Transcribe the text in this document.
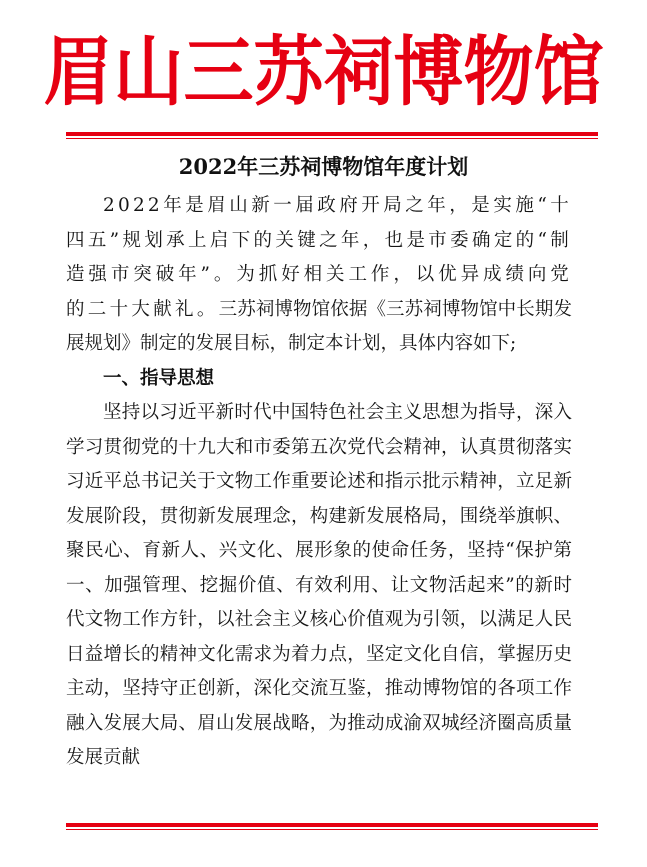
眉山三苏祠博物馆
2022年三苏祠博物馆年度计划

2022年是眉山新一届政府开局之年，是实施“十四五”规划承上启下的关键之年，也是市委确定的“制造强市突破年”。为抓好相关工作，以优异成绩向党的二十大献礼。三苏祠博物馆依据《三苏祠博物馆中长期发展规划》制定的发展目标，制定本计划，具体内容如下;

一、指导思想

坚持以习近平新时代中国特色社会主义思想为指导，深入学习贯彻党的十九大和市委第五次党代会精神，认真贯彻落实习近平总书记关于文物工作重要论述和指示批示精神，立足新发展阶段，贯彻新发展理念，构建新发展格局，围绕举旗帜、聚民心、育新人、兴文化、展形象的使命任务，坚持“保护第一、加强管理、挖掘价值、有效利用、让文物活起来”的新时代文物工作方针，以社会主义核心价值观为引领，以满足人民日益增长的精神文化需求为着力点，坚定文化自信，掌握历史主动，坚持守正创新，深化交流互鉴，推动博物馆的各项工作融入发展大局、眉山发展战略，为推动成渝双城经济圈高质量发展贡献
